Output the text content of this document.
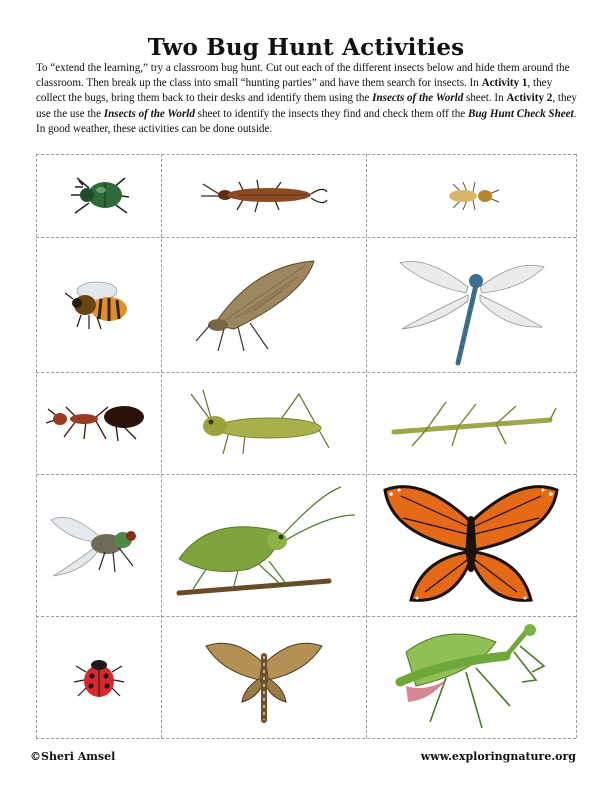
Two Bug Hunt Activities

To “extend the learning,” try a classroom bug hunt. Cut out each of the different insects below and hide them around the classroom. Then break up the class into small “hunting parties” and have them search for insects. In Activity 1, they collect the bugs, bring them back to their desks and identify them using the Insects of the World sheet. In Activity 2, they use the use the Insects of the World sheet to identify the insects they find and check them off the Bug Hunt Check Sheet. In good weather, these activities can be done outside.

©Sheri Amsel	www.exploringnature.org
